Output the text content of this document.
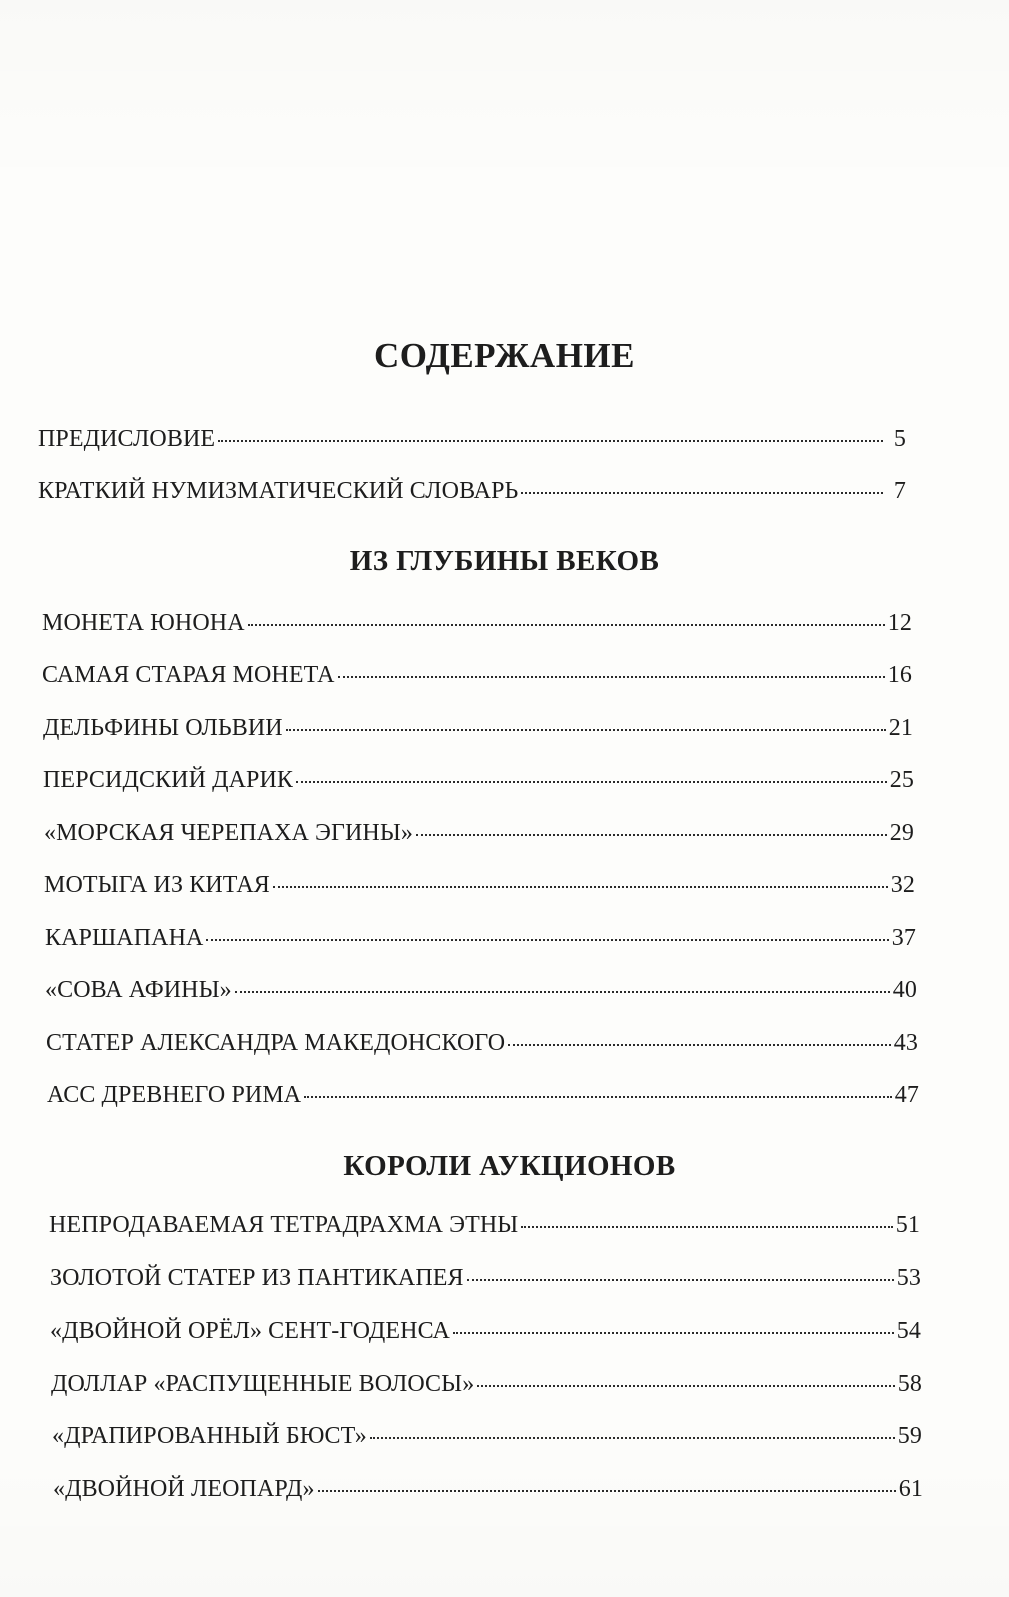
СОДЕРЖАНИЕ
ПРЕДИСЛОВИЕ	5
КРАТКИЙ НУМИЗМАТИЧЕСКИЙ СЛОВАРЬ	7
ИЗ ГЛУБИНЫ ВЕКОВ
МОНЕТА ЮНОНА	12
САМАЯ СТАРАЯ МОНЕТА	16
ДЕЛЬФИНЫ ОЛЬВИИ	21
ПЕРСИДСКИЙ ДАРИК	25
«МОРСКАЯ ЧЕРЕПАХА ЭГИНЫ»	29
МОТЫГА ИЗ КИТАЯ	32
КАРШАПАНА	37
«СОВА АФИНЫ»	40
СТАТЕР АЛЕКСАНДРА МАКЕДОНСКОГО	43
АСС ДРЕВНЕГО РИМА	47
КОРОЛИ АУКЦИОНОВ
НЕПРОДАВАЕМАЯ ТЕТРАДРАХМА ЭТНЫ	51
ЗОЛОТОЙ СТАТЕР ИЗ ПАНТИКАПЕЯ	53
«ДВОЙНОЙ ОРЁЛ» СЕНТ-ГОДЕНСА	54
ДОЛЛАР «РАСПУЩЕННЫЕ ВОЛОСЫ»	58
«ДРАПИРОВАННЫЙ БЮСТ»	59
«ДВОЙНОЙ ЛЕОПАРД»	61
